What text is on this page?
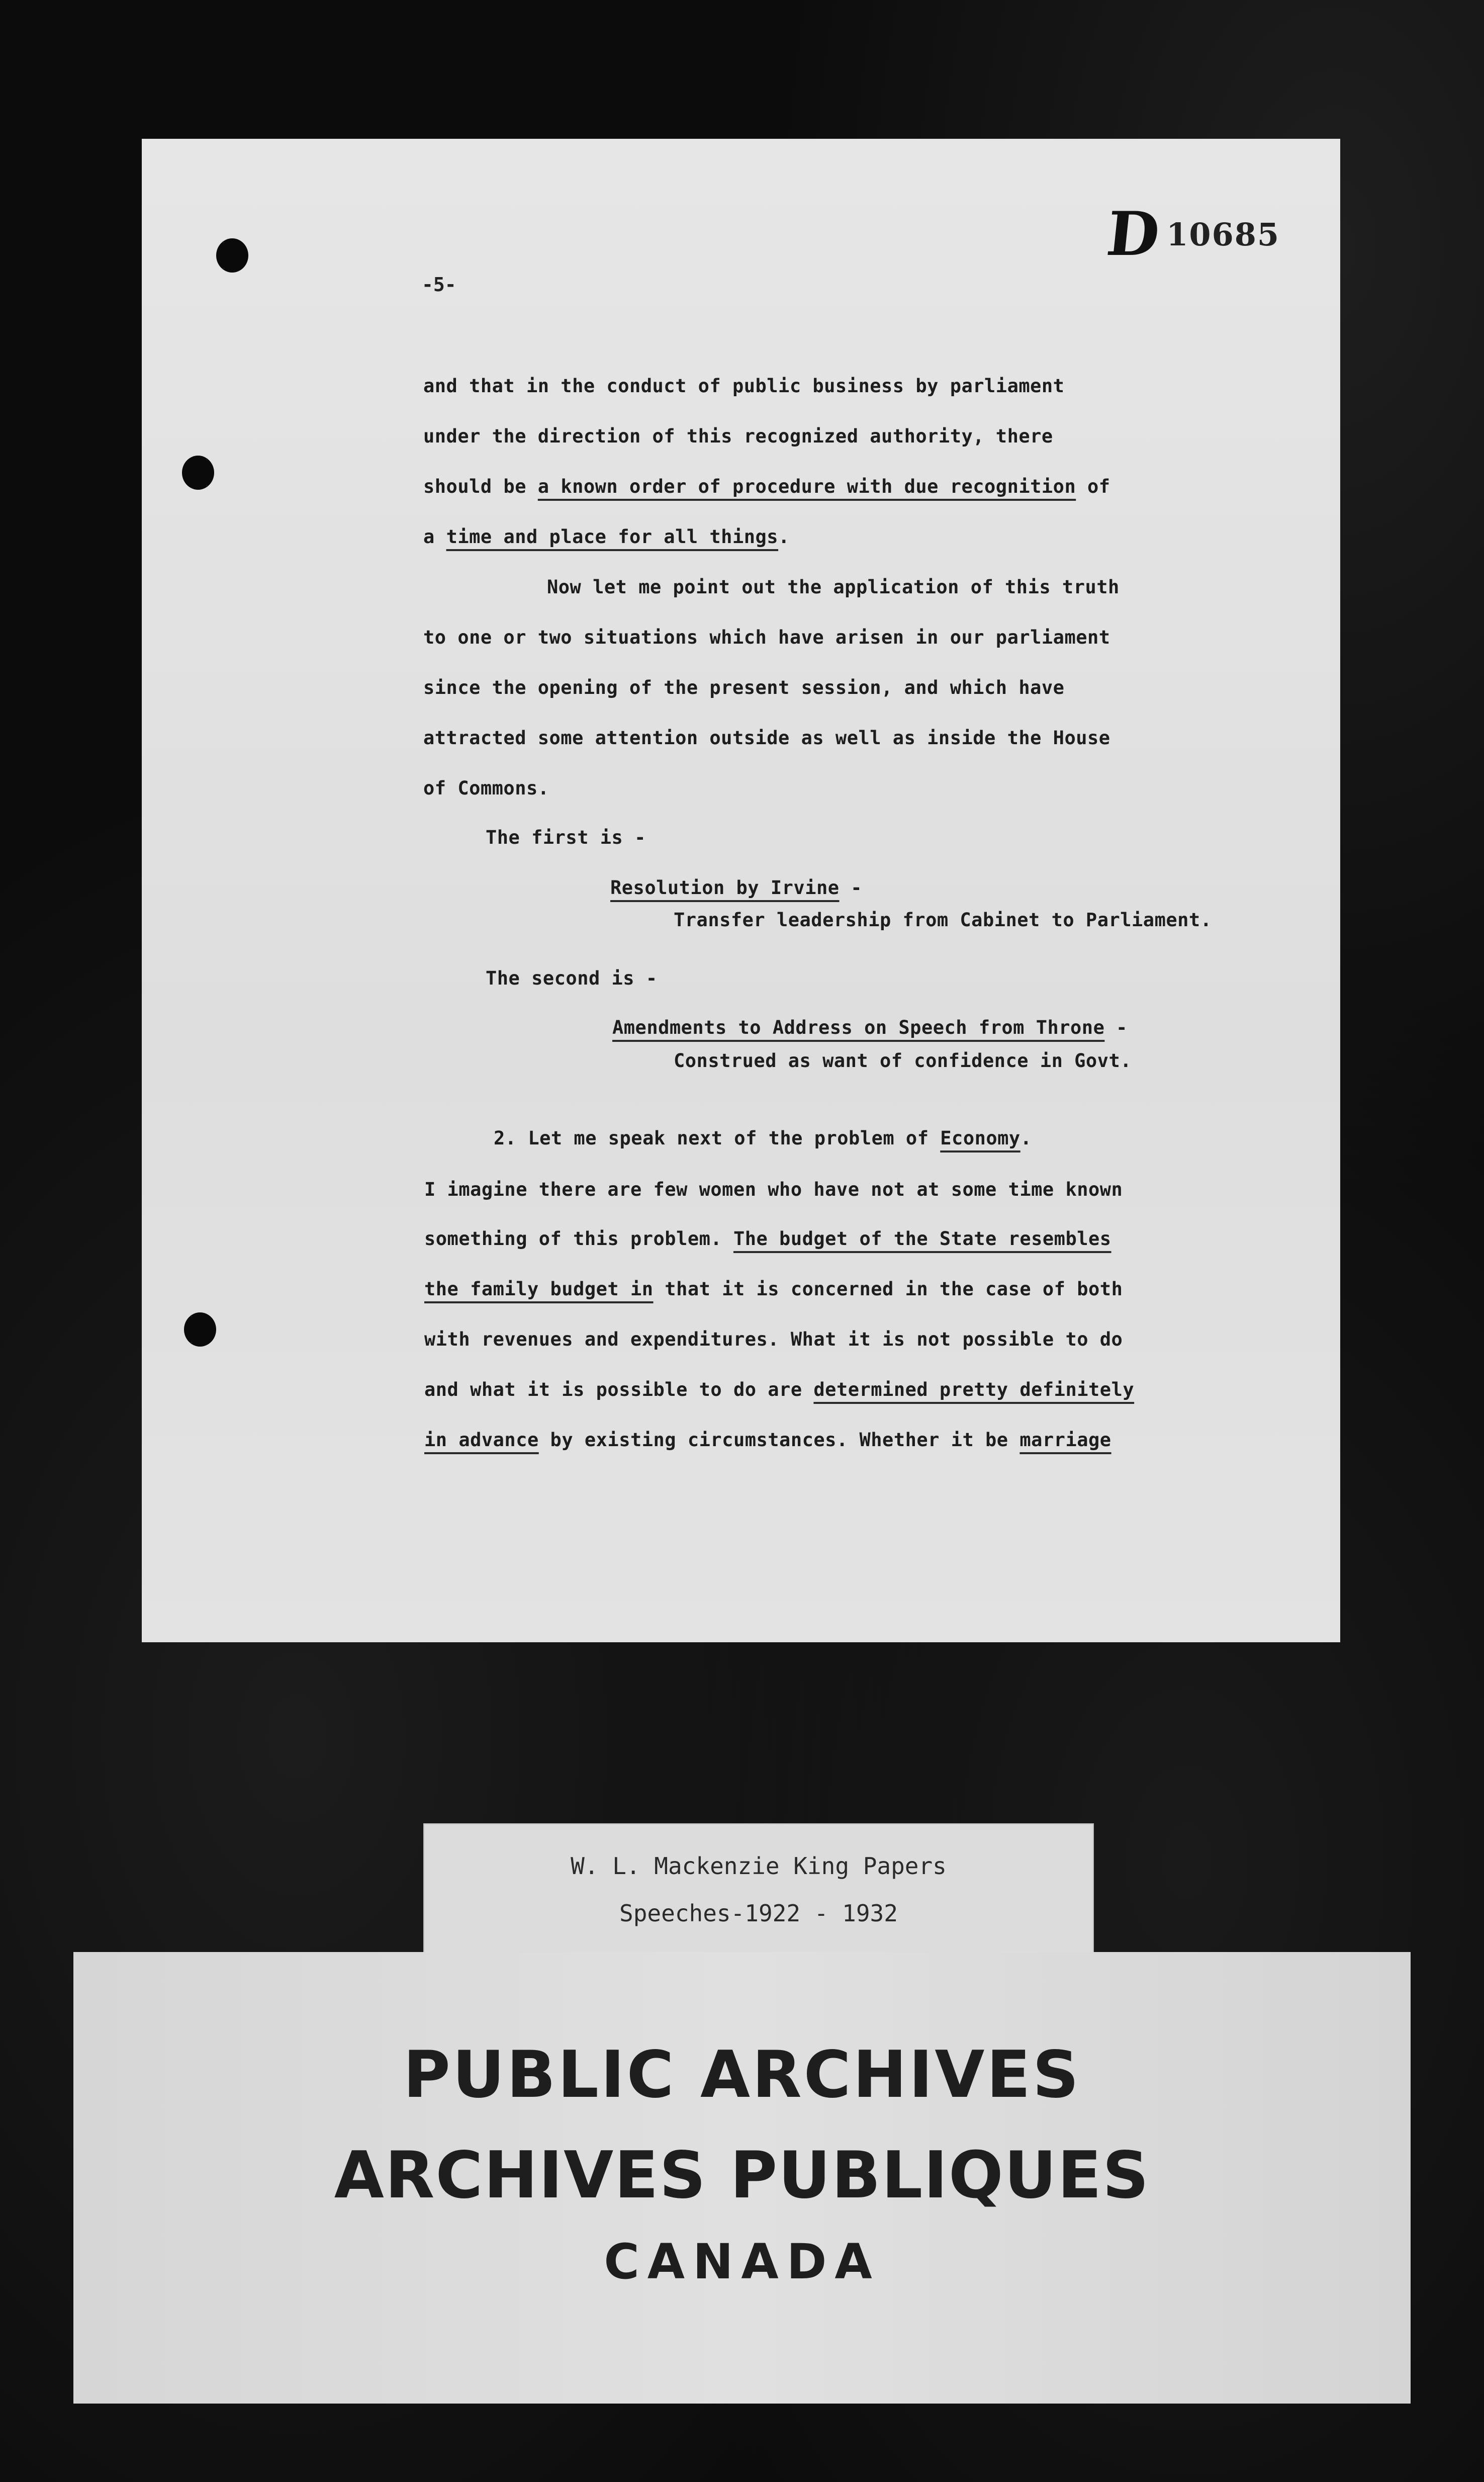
D 10685
-5-
and that in the conduct of public business by parliament
under the direction of this recognized authority, there
should be a known order of procedure with due recognition of
a time and place for all things.
Now let me point out the application of this truth
to one or two situations which have arisen in our parliament
since the opening of the present session, and which have
attracted some attention outside as well as inside the House
of Commons.
The first is -
Resolution by Irvine -
Transfer leadership from Cabinet to Parliament.
The second is -
Amendments to Address on Speech from Throne -
Construed as want of confidence in Govt.
2. Let me speak next of the problem of Economy.
I imagine there are few women who have not at some time known
something of this problem. The budget of the State resembles
the family budget in that it is concerned in the case of both
with revenues and expenditures. What it is not possible to do
and what it is possible to do are determined pretty definitely
in advance by existing circumstances. Whether it be marriage
W. L. Mackenzie King Papers
Speeches-1922 - 1932
PUBLIC ARCHIVES
ARCHIVES PUBLIQUES
CANADA
